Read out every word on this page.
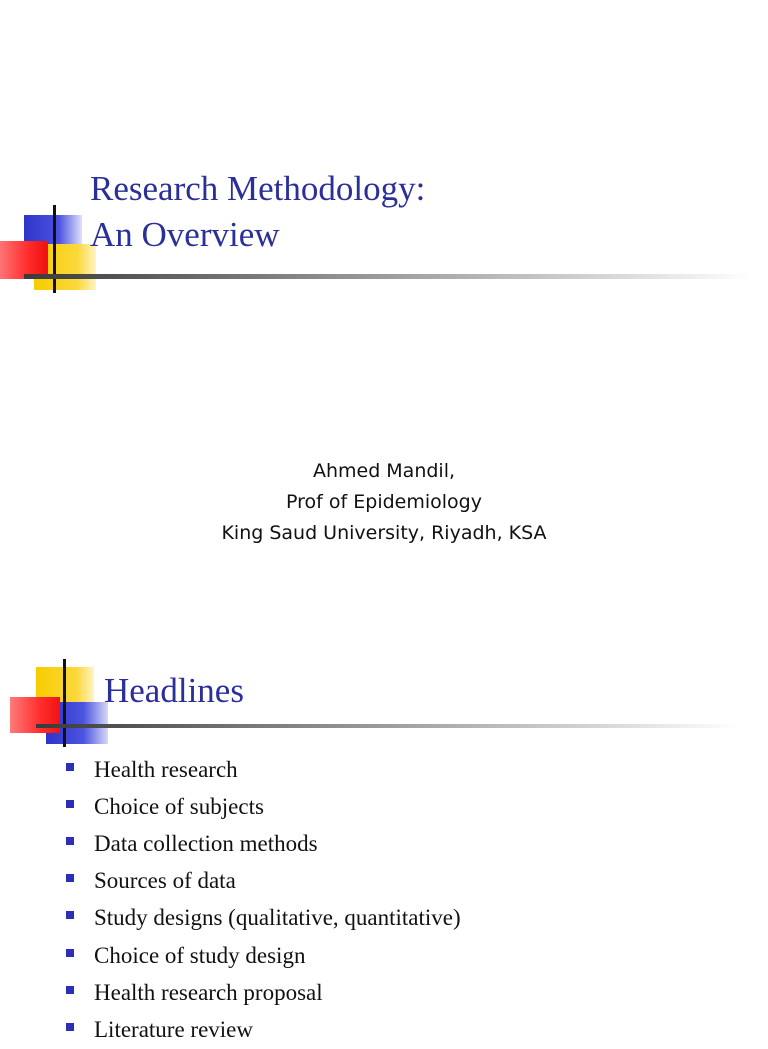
Research Methodology:
An Overview
Ahmed Mandil,
Prof of Epidemiology
King Saud University, Riyadh, KSA
Headlines
Health research
Choice of subjects
Data collection methods
Sources of data
Study designs (qualitative, quantitative)
Choice of study design
Health research proposal
Literature review
